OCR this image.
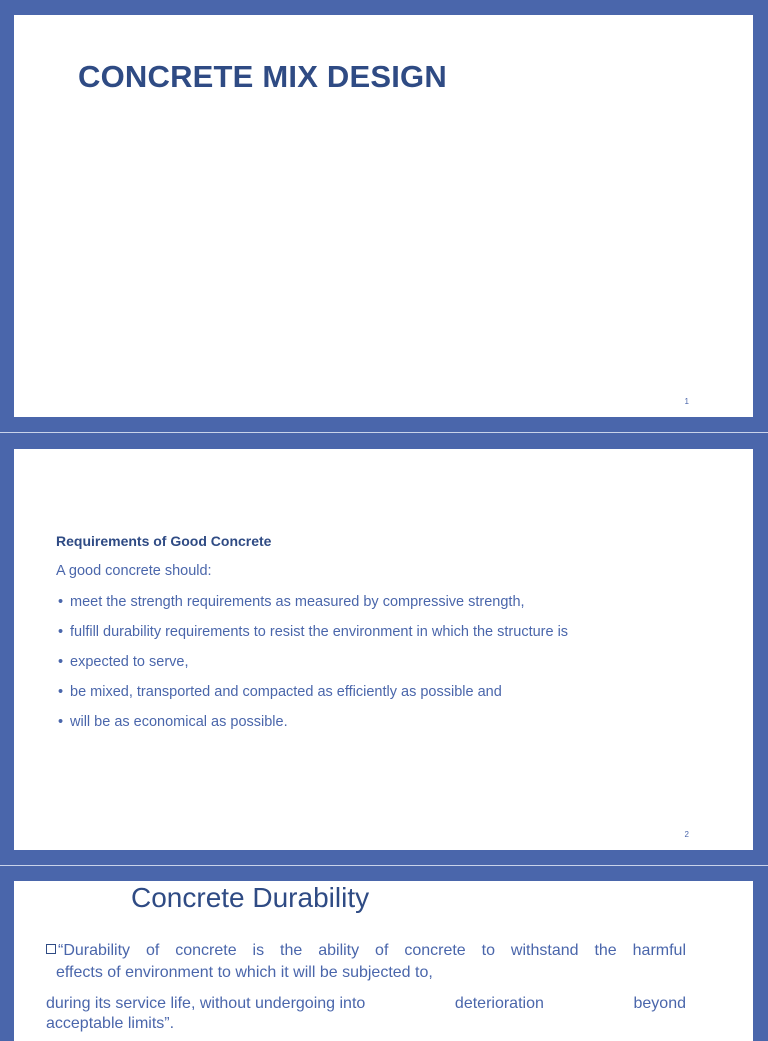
CONCRETE MIX DESIGN
1
Requirements of Good Concrete

A good concrete should:

• meet the strength requirements as measured by compressive strength,
• fulfill durability requirements to resist the environment in which the structure is
• expected to serve,
• be mixed, transported and compacted as efficiently as possible and
• will be as economical as possible.
2
Concrete Durability
“Durability of concrete is the ability of concrete to withstand the harmful
effects of environment to which it will be subjected to,
during its service life, without undergoing into	deterioration	beyond
acceptable limits”.
